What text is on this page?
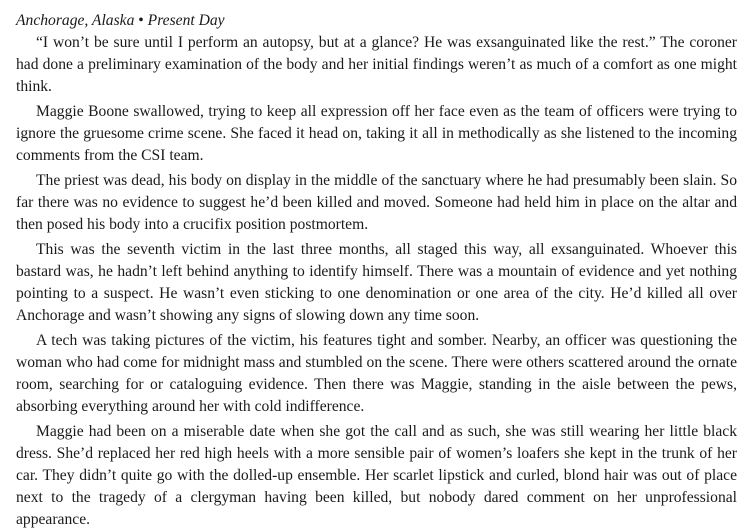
Anchorage, Alaska • Present Day

“I won’t be sure until I perform an autopsy, but at a glance? He was exsanguinated like the rest.” The coroner had done a preliminary examination of the body and her initial findings weren’t as much of a comfort as one might think.

Maggie Boone swallowed, trying to keep all expression off her face even as the team of officers were trying to ignore the gruesome crime scene. She faced it head on, taking it all in methodically as she listened to the incoming comments from the CSI team.

The priest was dead, his body on display in the middle of the sanctuary where he had presumably been slain. So far there was no evidence to suggest he’d been killed and moved. Someone had held him in place on the altar and then posed his body into a crucifix position postmortem.

This was the seventh victim in the last three months, all staged this way, all exsanguinated. Whoever this bastard was, he hadn’t left behind anything to identify himself. There was a mountain of evidence and yet nothing pointing to a suspect. He wasn’t even sticking to one denomination or one area of the city. He’d killed all over Anchorage and wasn’t showing any signs of slowing down any time soon.

A tech was taking pictures of the victim, his features tight and somber. Nearby, an officer was questioning the woman who had come for midnight mass and stumbled on the scene. There were others scattered around the ornate room, searching for or cataloguing evidence. Then there was Maggie, standing in the aisle between the pews, absorbing everything around her with cold indifference.

Maggie had been on a miserable date when she got the call and as such, she was still wearing her little black dress. She’d replaced her red high heels with a more sensible pair of women’s loafers she kept in the trunk of her car. They didn’t quite go with the dolled-up ensemble. Her scarlet lipstick and curled, blond hair was out of place next to the tragedy of a clergyman having been killed, but nobody dared comment on her unprofessional appearance.
